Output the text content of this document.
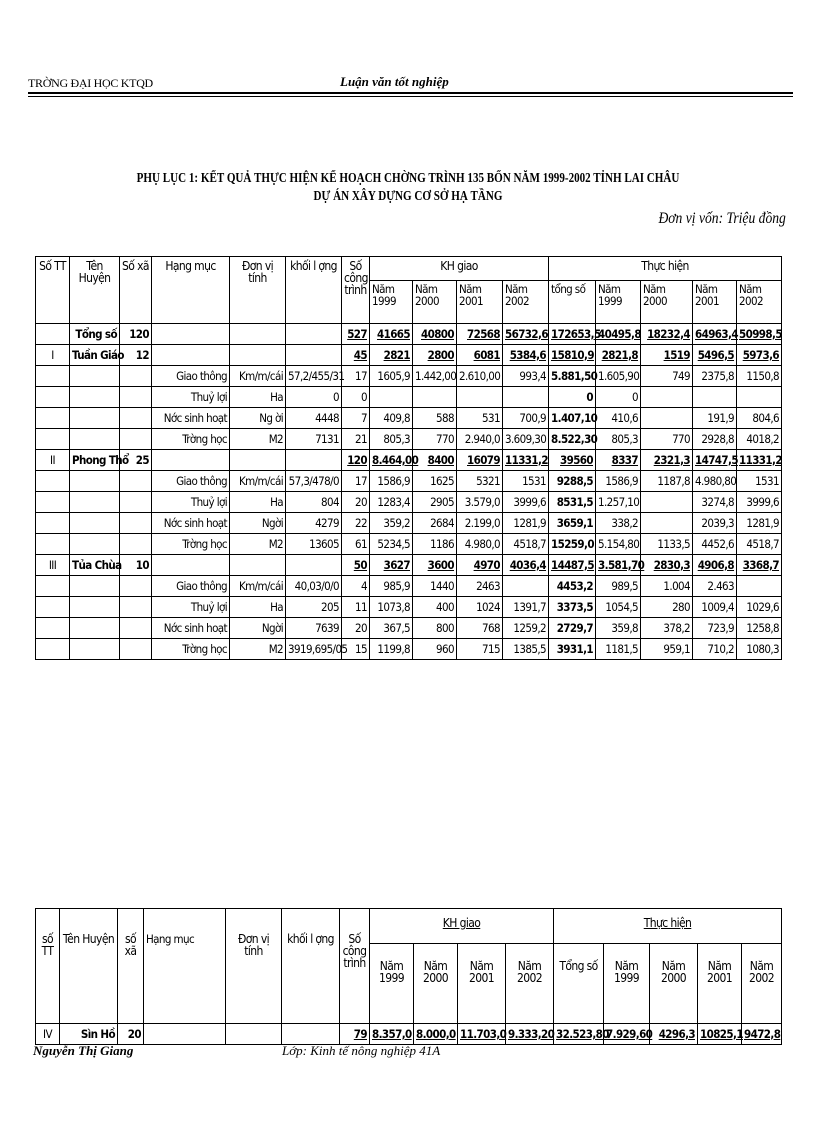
TRỜNG ĐẠI HỌC KTQD	Luận văn tốt nghiệp
PHỤ LỤC 1: KẾT QUẢ THỰC HIỆN KẾ HOẠCH CHỜNG TRÌNH 135 BỐN NĂM 1999-2002 TỈNH LAI CHÂU
DỰ ÁN XÂY DỰNG CƠ SỞ HẠ TẦNG
Đơn vị vốn: Triệu đồng
Số TT	Tên Huyện	Số xã	Hạng mục	Đơn vị tính	khối l ợng	Số công trình	KH giao				Thực hiện				
							Năm 1999	Năm 2000	Năm 2001	Năm 2002	tổng số	Năm 1999	Năm 2000	Năm 2001	Năm 2002
	Tổng số	120				527	41665	40800	72568	56732,6	172653,5	40495,8	18232,4	64963,4	50998,5
I	Tuần Giáo	12				45	2821	2800	6081	5384,6	15810,9	2821,8	1519	5496,5	5973,6
			Giao thông	Km/m/cái	57,2/455/31	17	1605,9	1.442,00	2.610,00	993,4	5.881,50	1.605,90	749	2375,8	1150,8
			Thuỷ lợi	Ha	0	0					0	0			
			Nớc sinh hoạt	Ng ời	4448	7	409,8	588	531	700,9	1.407,10	410,6		191,9	804,6
			Trờng học	M2	7131	21	805,3	770	2.940,0	3.609,30	8.522,30	805,3	770	2928,8	4018,2
II	Phong Thổ	25				120	8.464,00	8400	16079	11331,2	39560	8337	2321,3	14747,5	11331,2
			Giao thông	Km/m/cái	57,3/478/0	17	1586,9	1625	5321	1531	9288,5	1586,9	1187,8	4.980,80	1531
			Thuỷ lợi	Ha	804	20	1283,4	2905	3.579,0	3999,6	8531,5	1.257,10		3274,8	3999,6
			Nớc sinh hoạt	Ngời	4279	22	359,2	2684	2.199,0	1281,9	3659,1	338,2		2039,3	1281,9
			Trờng học	M2	13605	61	5234,5	1186	4.980,0	4518,7	15259,0	5.154,80	1133,5	4452,6	4518,7
III	Tủa Chùa	10				50	3627	3600	4970	4036,4	14487,5	3.581,70	2830,3	4906,8	3368,7
			Giao thông	Km/m/cái	40,03/0/0	4	985,9	1440	2463		4453,2	989,5	1.004	2.463	
			Thuỷ lợi	Ha	205	11	1073,8	400	1024	1391,7	3373,5	1054,5	280	1009,4	1029,6
			Nớc sinh hoạt	Ngời	7639	20	367,5	800	768	1259,2	2729,7	359,8	378,2	723,9	1258,8
			Trờng học	M2	3919,695/05	15	1199,8	960	715	1385,5	3931,1	1181,5	959,1	710,2	1080,3
số TT	Tên Huyện	số xã	Hạng mục	Đơn vị tính	khối l ợng	Số công trình	KH giao				Thực hiện				
							Năm 1999	Năm 2000	Năm 2001	Năm 2002	Tổng số	Năm 1999	Năm 2000	Năm 2001	Năm 2002
IV	Sìn Hồ	20				79	8.357,0	8.000,0	11.703,0	9.333,20	32.523,80	7.929,60	4296,3	10825,1	9472,8
Nguyễn Thị Giang	Lớp: Kinh tế nông nghiệp 41A
